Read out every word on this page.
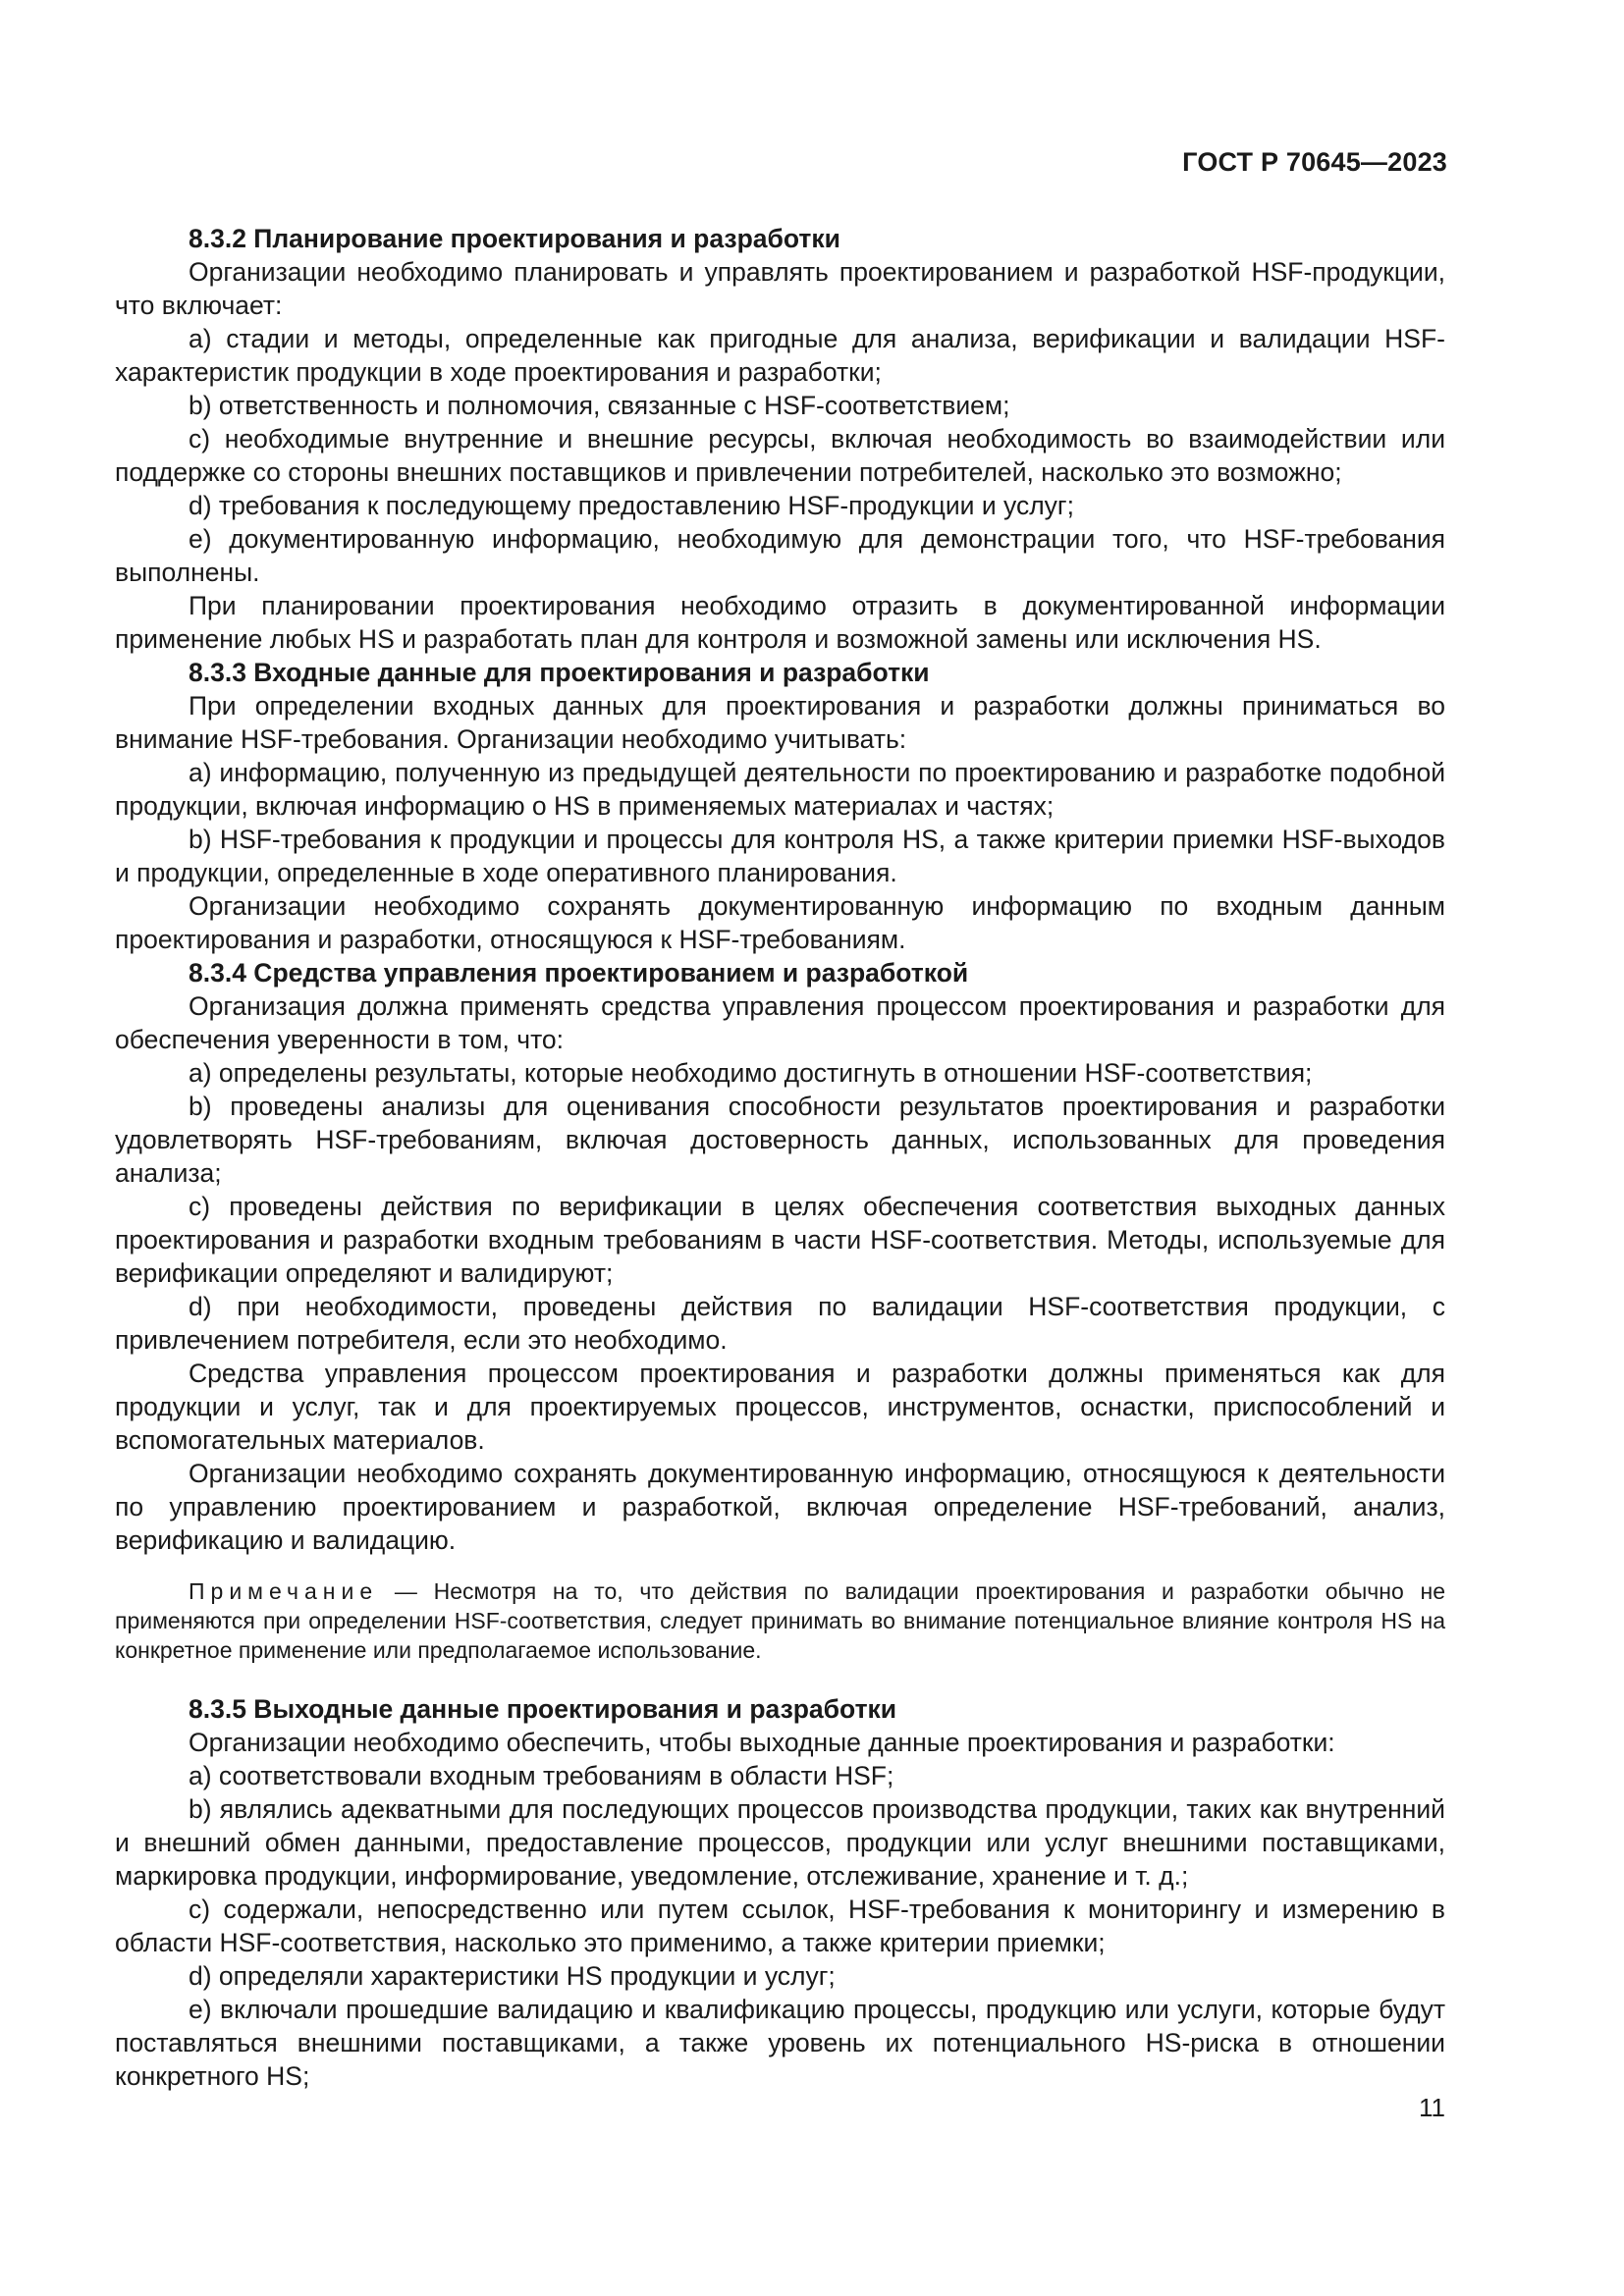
ГОСТ Р 70645—2023
8.3.2 Планирование проектирования и разработки
Организации необходимо планировать и управлять проектированием и разработкой HSF-продукции, что включает:
a) стадии и методы, определенные как пригодные для анализа, верификации и валидации HSF-характеристик продукции в ходе проектирования и разработки;
b) ответственность и полномочия, связанные с HSF-соответствием;
c) необходимые внутренние и внешние ресурсы, включая необходимость во взаимодействии или поддержке со стороны внешних поставщиков и привлечении потребителей, насколько это возможно;
d) требования к последующему предоставлению HSF-продукции и услуг;
e) документированную информацию, необходимую для демонстрации того, что HSF-требования выполнены.
При планировании проектирования необходимо отразить в документированной информации применение любых HS и разработать план для контроля и возможной замены или исключения HS.
8.3.3 Входные данные для проектирования и разработки
При определении входных данных для проектирования и разработки должны приниматься во внимание HSF-требования. Организации необходимо учитывать:
a) информацию, полученную из предыдущей деятельности по проектированию и разработке подобной продукции, включая информацию о HS в применяемых материалах и частях;
b) HSF-требования к продукции и процессы для контроля HS, а также критерии приемки HSF-выходов и продукции, определенные в ходе оперативного планирования.
Организации необходимо сохранять документированную информацию по входным данным проектирования и разработки, относящуюся к HSF-требованиям.
8.3.4 Средства управления проектированием и разработкой
Организация должна применять средства управления процессом проектирования и разработки для обеспечения уверенности в том, что:
a) определены результаты, которые необходимо достигнуть в отношении HSF-соответствия;
b) проведены анализы для оценивания способности результатов проектирования и разработки удовлетворять HSF-требованиям, включая достоверность данных, использованных для проведения анализа;
c) проведены действия по верификации в целях обеспечения соответствия выходных данных проектирования и разработки входным требованиям в части HSF-соответствия. Методы, используемые для верификации определяют и валидируют;
d) при необходимости, проведены действия по валидации HSF-соответствия продукции, с привлечением потребителя, если это необходимо.
Средства управления процессом проектирования и разработки должны применяться как для продукции и услуг, так и для проектируемых процессов, инструментов, оснастки, приспособлений и вспомогательных материалов.
Организации необходимо сохранять документированную информацию, относящуюся к деятельности по управлению проектированием и разработкой, включая определение HSF-требований, анализ, верификацию и валидацию.
Примечание — Несмотря на то, что действия по валидации проектирования и разработки обычно не применяются при определении HSF-соответствия, следует принимать во внимание потенциальное влияние контроля HS на конкретное применение или предполагаемое использование.
8.3.5 Выходные данные проектирования и разработки
Организации необходимо обеспечить, чтобы выходные данные проектирования и разработки:
a) соответствовали входным требованиям в области HSF;
b) являлись адекватными для последующих процессов производства продукции, таких как внутренний и внешний обмен данными, предоставление процессов, продукции или услуг внешними поставщиками, маркировка продукции, информирование, уведомление, отслеживание, хранение и т. д.;
c) содержали, непосредственно или путем ссылок, HSF-требования к мониторингу и измерению в области HSF-соответствия, насколько это применимо, а также критерии приемки;
d) определяли характеристики HS продукции и услуг;
e) включали прошедшие валидацию и квалификацию процессы, продукцию или услуги, которые будут поставляться внешними поставщиками, а также уровень их потенциального HS-риска в отношении конкретного HS;
11
